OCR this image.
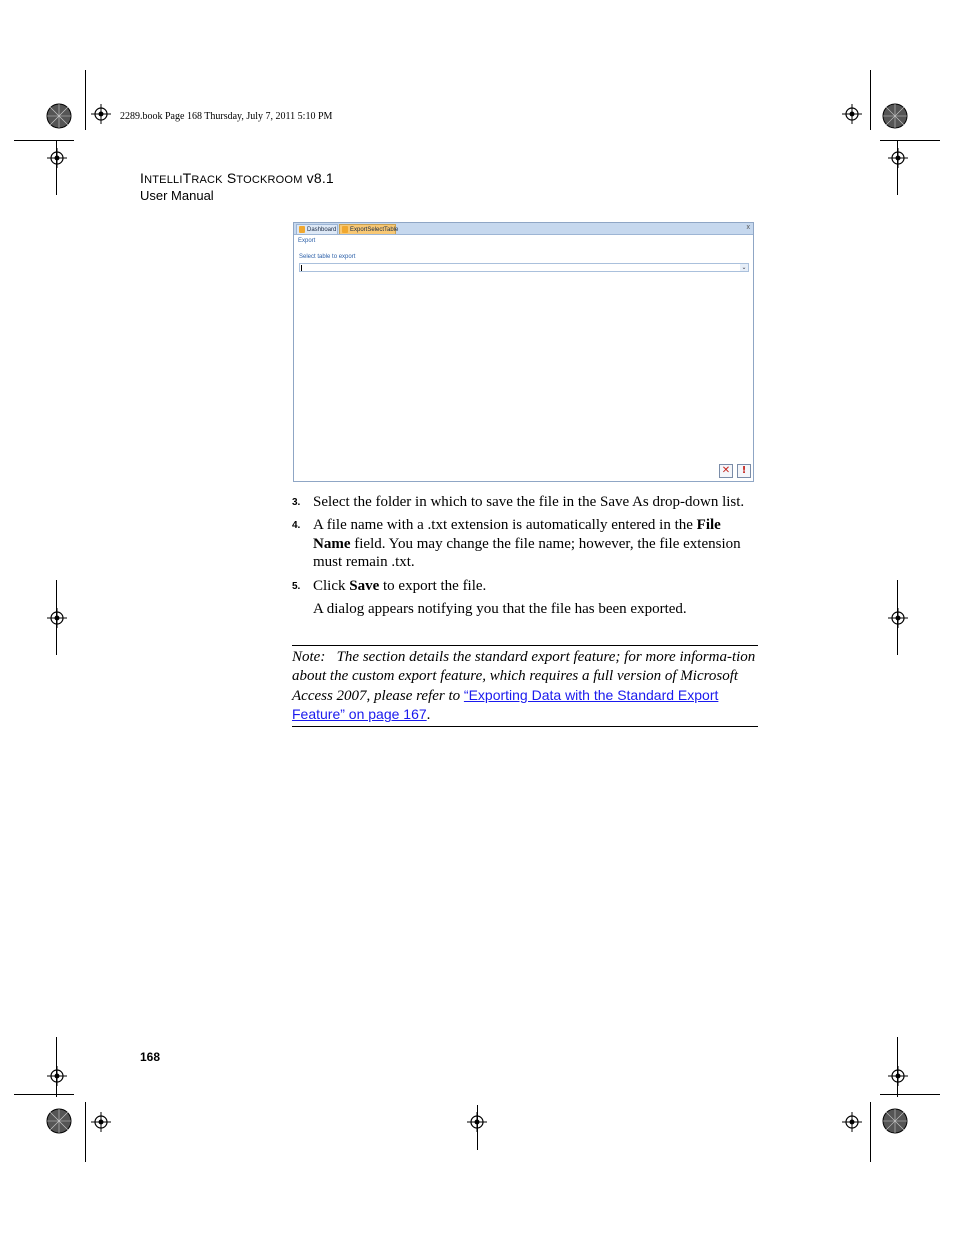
2289.book Page 168 Thursday, July 7, 2011 5:10 PM
INTELLITRACK STOCKROOM v8.1
User Manual
Dashboard	ExportSelectTable	x
Export
Select table to export
⌄
✕	!
3. Select the folder in which to save the file in the Save As drop-down list.
4. A file name with a .txt extension is automatically entered in the File Name field. You may change the file name; however, the file extension must remain .txt.
5. Click Save to export the file.
A dialog appears notifying you that the file has been exported.
Note: The section details the standard export feature; for more informa-tion about the custom export feature, which requires a full version of Microsoft Access 2007, please refer to “Exporting Data with the Standard Export Feature” on page 167.
168
